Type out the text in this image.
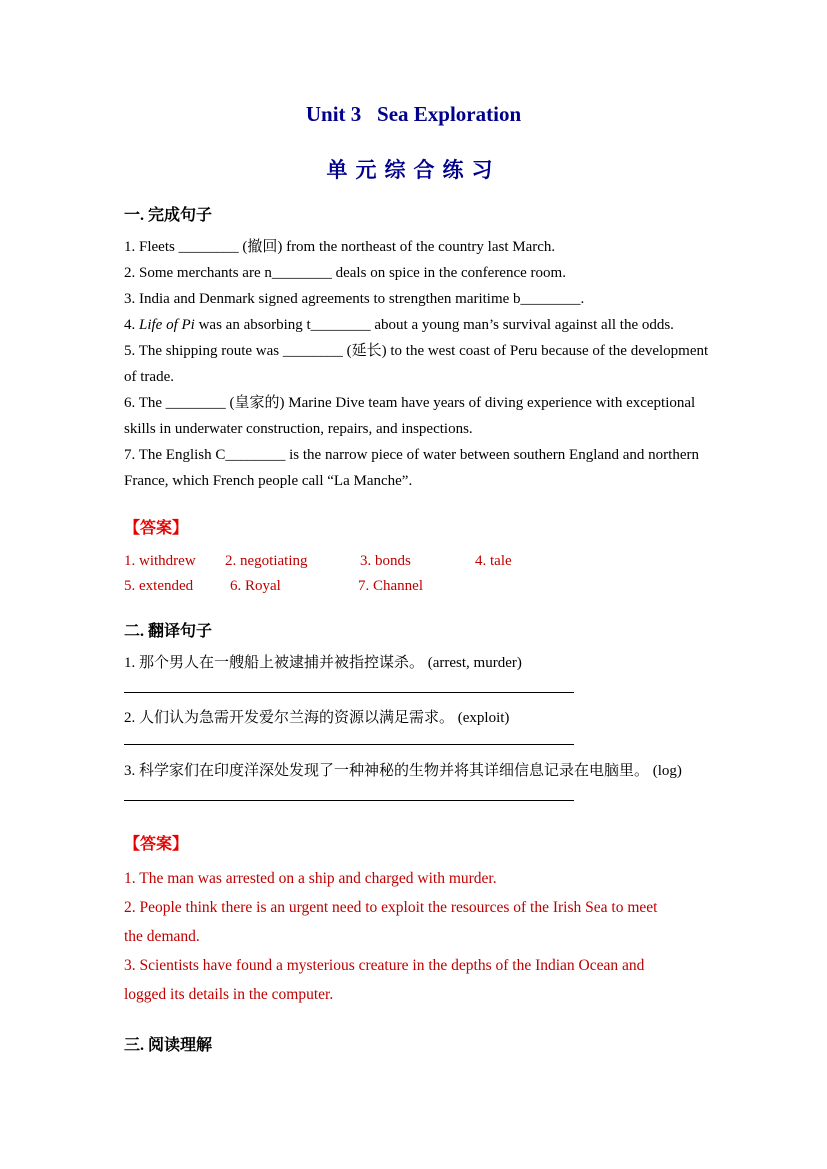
Unit 3   Sea Exploration
单元综合练习
一. 完成句子
1. Fleets ________ (撤回) from the northeast of the country last March.
2. Some merchants are n________ deals on spice in the conference room.
3. India and Denmark signed agreements to strengthen maritime b________.
4. Life of Pi was an absorbing t________ about a young man’s survival against all the odds.
5. The shipping route was ________ (延长) to the west coast of Peru because of the development
of trade.
6. The ________ (皇家的) Marine Dive team have years of diving experience with exceptional
skills in underwater construction, repairs, and inspections.
7. The English C________ is the narrow piece of water between southern England and northern
France, which French people call “La Manche”.
【答案】
1. withdrew 2. negotiating	3. bonds	4. tale
5. extended 6. Royal	7. Channel
二. 翻译句子
1. 那个男人在一艘船上被逮捕并被指控谋杀。 (arrest, murder)
2. 人们认为急需开发爱尔兰海的资源以满足需求。 (exploit)
3. 科学家们在印度洋深处发现了一种神秘的生物并将其详细信息记录在电脑里。 (log)
【答案】
1. The man was arrested on a ship and charged with murder.
2. People think there is an urgent need to exploit the resources of the Irish Sea to meet
the demand.
3. Scientists have found a mysterious creature in the depths of the Indian Ocean and
logged its details in the computer.
三. 阅读理解
